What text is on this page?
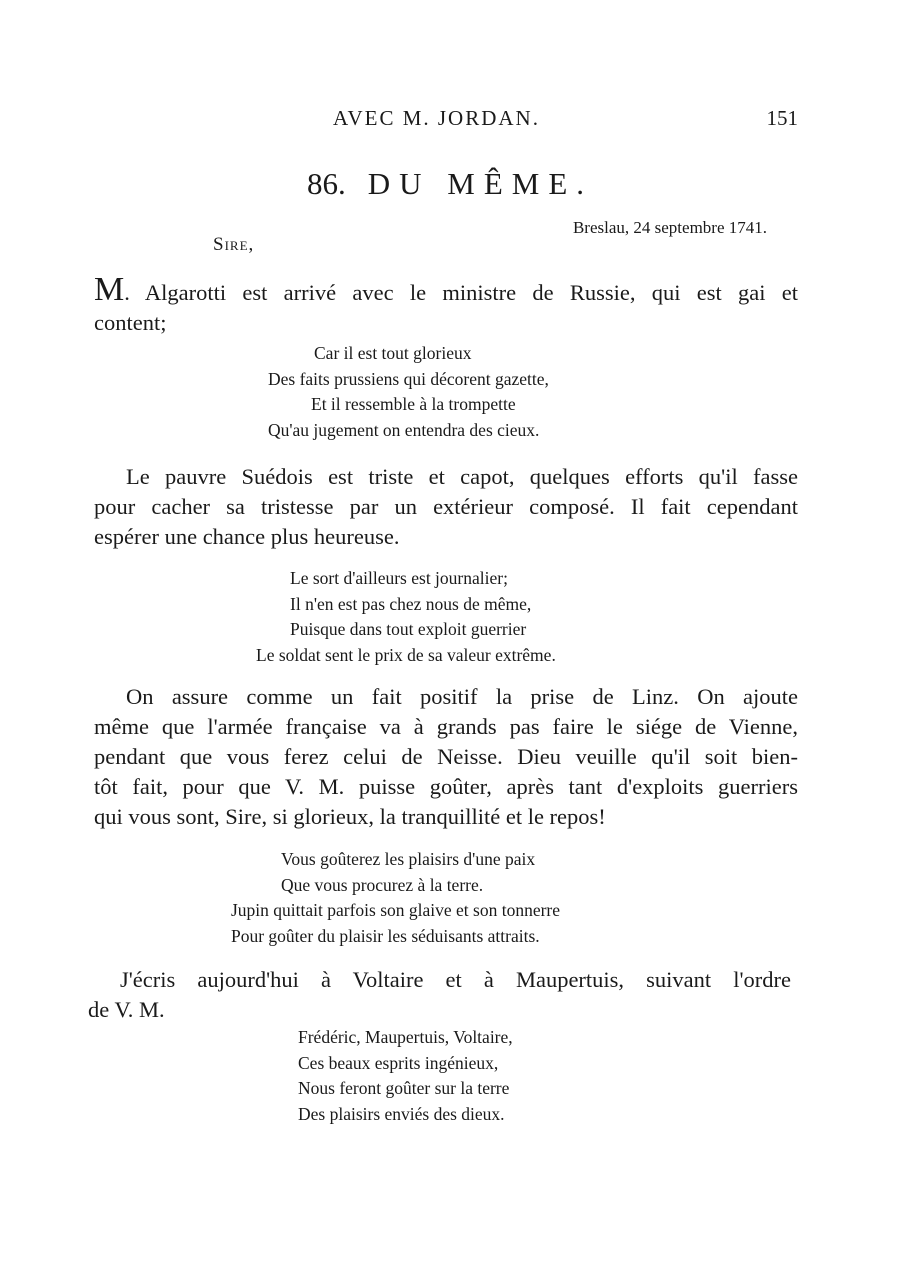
AVEC M. JORDAN.	151
86. DU MÊME.
Breslau, 24 septembre 1741.
Sire,
M. Algarotti est arrivé avec le ministre de Russie, qui est gai et
content;
Car il est tout glorieux
Des faits prussiens qui décorent gazette,
Et il ressemble à la trompette
Qu'au jugement on entendra des cieux.
Le pauvre Suédois est triste et capot, quelques efforts qu'il fasse
pour cacher sa tristesse par un extérieur composé. Il fait cependant
espérer une chance plus heureuse.
Le sort d'ailleurs est journalier;
Il n'en est pas chez nous de même,
Puisque dans tout exploit guerrier
Le soldat sent le prix de sa valeur extrême.
On assure comme un fait positif la prise de Linz. On ajoute
même que l'armée française va à grands pas faire le siége de Vienne,
pendant que vous ferez celui de Neisse. Dieu veuille qu'il soit bien-
tôt fait, pour que V. M. puisse goûter, après tant d'exploits guerriers
qui vous sont, Sire, si glorieux, la tranquillité et le repos!
Vous goûterez les plaisirs d'une paix
Que vous procurez à la terre.
Jupin quittait parfois son glaive et son tonnerre
Pour goûter du plaisir les séduisants attraits.
J'écris aujourd'hui à Voltaire et à Maupertuis, suivant l'ordre
de V. M.
Frédéric, Maupertuis, Voltaire,
Ces beaux esprits ingénieux,
Nous feront goûter sur la terre
Des plaisirs enviés des dieux.
